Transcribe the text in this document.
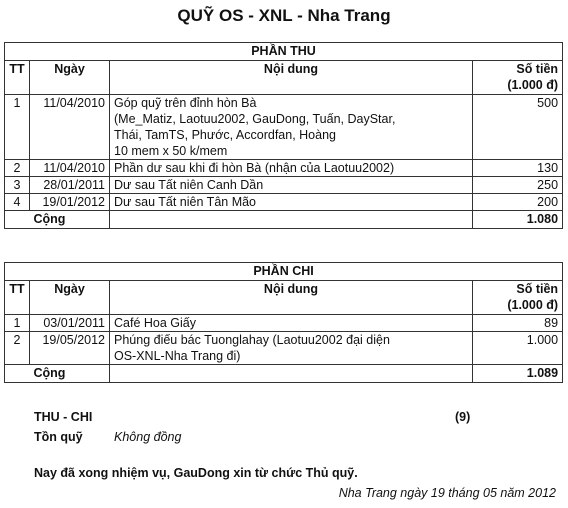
QUỸ OS - XNL - Nha Trang
PHẦN THU			
TT	Ngày	Nội dung	Số tiền
(1.000 đ)

1	11/04/2010	Góp quỹ trên đỉnh hòn Bà
(Me_Matiz, Laotuu2002, GauDong, Tuấn, DayStar,
Thái, TamTS, Phước, Accordfan, Hoàng
10 mem x 50 k/mem	500
2	11/04/2010	Phần dư sau khi đi hòn Bà (nhận của Laotuu2002)	130
3	28/01/2011	Dư sau Tất niên Canh Dần	250
4	19/01/2012	Dư sau Tất niên Tân Mão	200
	Cộng		1.080
PHẦN CHI			
TT	Ngày	Nội dung	Số tiền
(1.000 đ)

1	03/01/2011	Café Hoa Giấy	89
2	19/05/2012	Phúng điếu bác Tuonglahay (Laotuu2002 đại diện
OS-XNL-Nha Trang đi)	1.000
	Cộng		1.089
THU - CHI	(9)
Tồn quỹ	Không đồng
Nay đã xong nhiệm vụ, GauDong xin từ chức Thủ quỹ.
Nha Trang ngày 19 tháng 05 năm 2012
